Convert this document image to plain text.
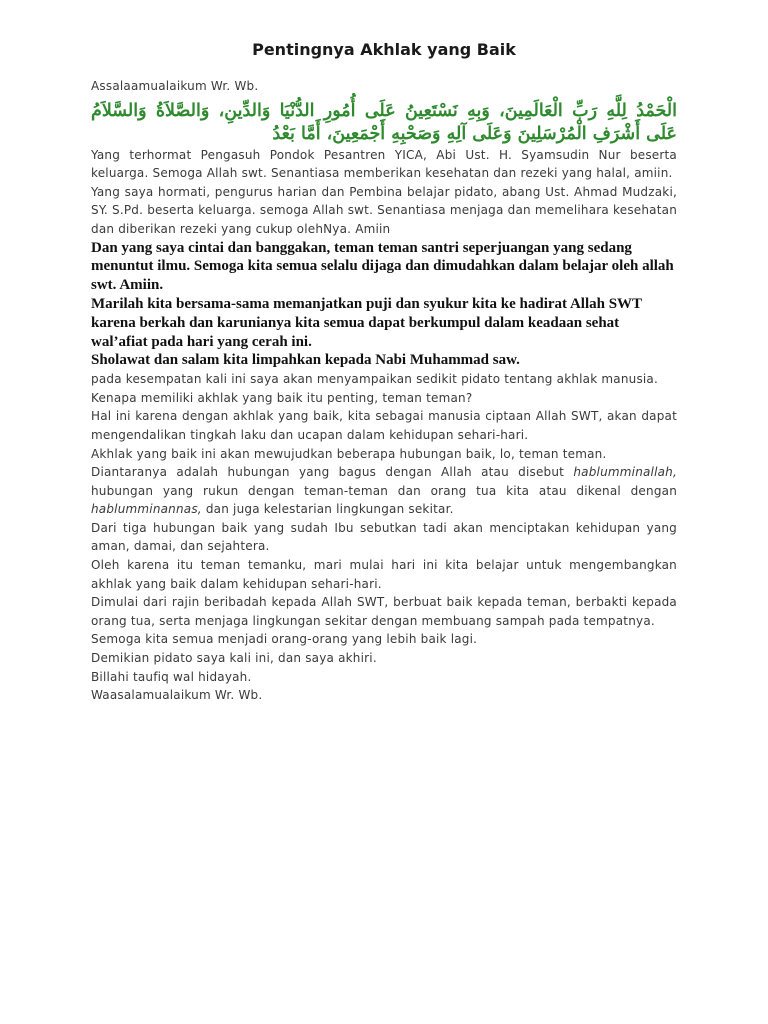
Pentingnya Akhlak yang Baik

Assalaamualaikum Wr. Wb.

الْحَمْدُ لِلَّهِ رَبِّ الْعَالَمِينَ، وَبِهِ نَسْتَعِينُ عَلَى أُمُورِ الدُّنْيَا وَالدِّينِ، وَالصَّلاَةُ وَالسَّلاَمُ عَلَى أَشْرَفِ الْمُرْسَلِينَ وَعَلَى آلِهِ وَصَحْبِهِ أَجْمَعِينَ، أَمَّا بَعْدُ

Yang terhormat Pengasuh Pondok Pesantren YICA, Abi Ust. H. Syamsudin Nur beserta keluarga. Semoga Allah swt. Senantiasa memberikan kesehatan dan rezeki yang halal, amiin.

Yang saya hormati, pengurus harian dan Pembina belajar pidato, abang Ust. Ahmad Mudzaki, SY. S.Pd. beserta keluarga. semoga Allah swt. Senantiasa menjaga dan memelihara kesehatan dan diberikan rezeki yang cukup olehNya. Amiin

Dan yang saya cintai dan banggakan, teman teman santri seperjuangan yang sedang menuntut ilmu. Semoga kita semua selalu dijaga dan dimudahkan dalam belajar oleh allah swt. Amiin.

Marilah kita bersama-sama memanjatkan puji dan syukur kita ke hadirat Allah SWT karena berkah dan karunianya kita semua dapat berkumpul dalam keadaan sehat wal’afiat pada hari yang cerah ini.

Sholawat dan salam kita limpahkan kepada Nabi Muhammad saw.

pada kesempatan kali ini saya akan menyampaikan sedikit pidato tentang akhlak manusia.

Kenapa memiliki akhlak yang baik itu penting, teman teman?

Hal ini karena dengan akhlak yang baik, kita sebagai manusia ciptaan Allah SWT, akan dapat mengendalikan tingkah laku dan ucapan dalam kehidupan sehari-hari.

Akhlak yang baik ini akan mewujudkan beberapa hubungan baik, lo, teman teman.

Diantaranya adalah hubungan yang bagus dengan Allah atau disebut hablumminallah, hubungan yang rukun dengan teman-teman dan orang tua kita atau dikenal dengan hablumminannas, dan juga kelestarian lingkungan sekitar.

Dari tiga hubungan baik yang sudah Ibu sebutkan tadi akan menciptakan kehidupan yang aman, damai, dan sejahtera.

Oleh karena itu teman temanku, mari mulai hari ini kita belajar untuk mengembangkan akhlak yang baik dalam kehidupan sehari-hari.

Dimulai dari rajin beribadah kepada Allah SWT, berbuat baik kepada teman, berbakti kepada orang tua, serta menjaga lingkungan sekitar dengan membuang sampah pada tempatnya.

Semoga kita semua menjadi orang-orang yang lebih baik lagi.

Demikian pidato saya kali ini, dan saya akhiri.

Billahi taufiq wal hidayah.

Waasalamualaikum Wr. Wb.
